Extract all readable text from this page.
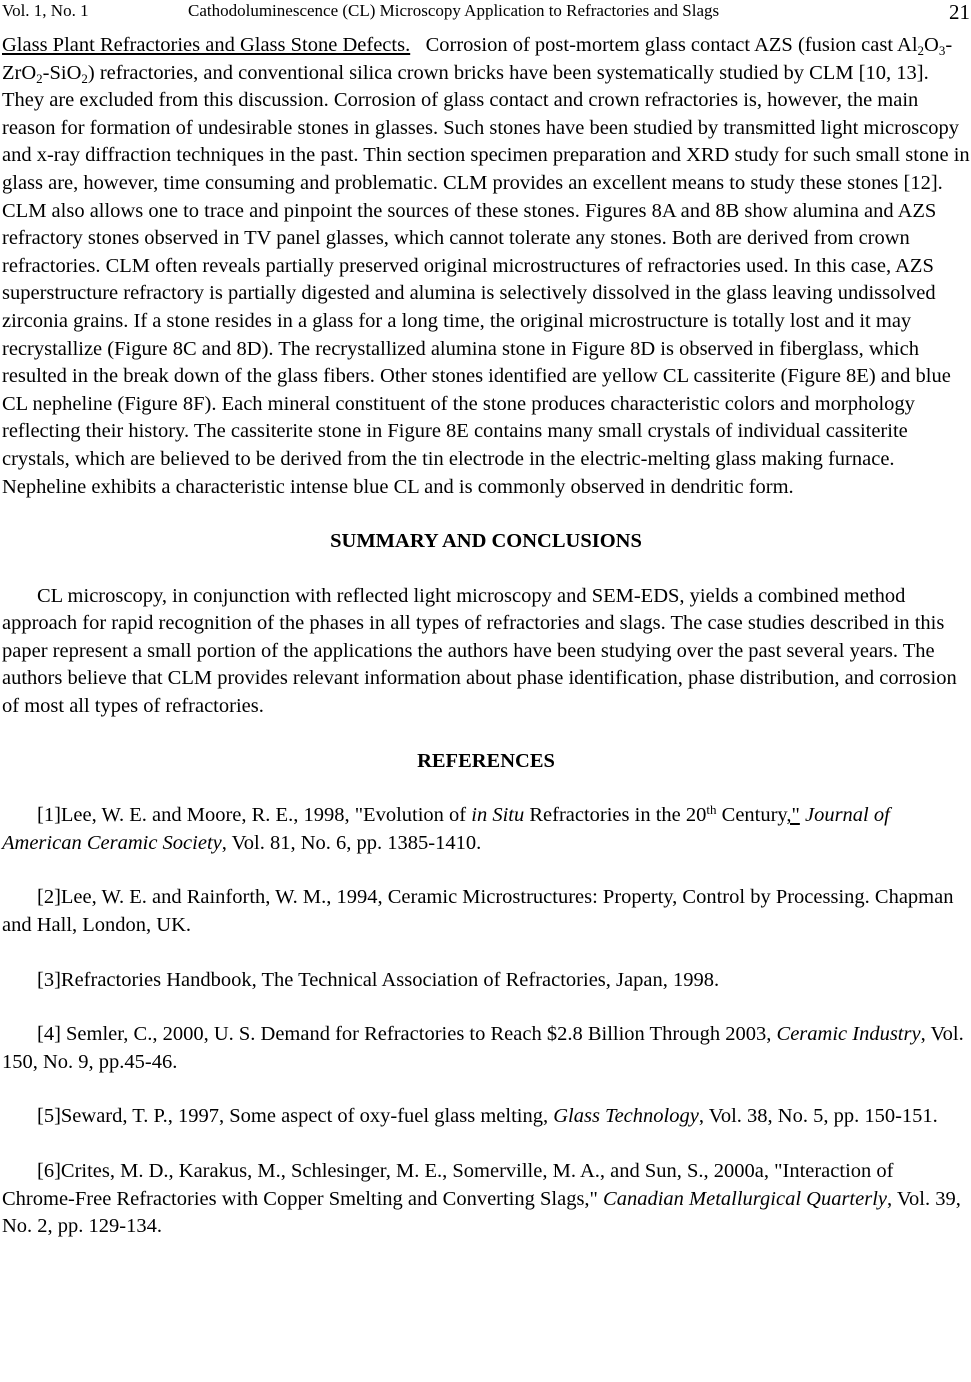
Vol. 1, No. 1	Cathodoluminescence (CL) Microscopy Application to Refractories and Slags	21

Glass Plant Refractories and Glass Stone Defects. Corrosion of post-mortem glass contact AZS (fusion cast $Al_2O_3-ZrO_2-SiO_2$) refractories, and conventional silica crown bricks have been systematically studied by CLM [10, 13]. They are excluded from this discussion. Corrosion of glass contact and crown refractories is, however, the main reason for formation of undesirable stones in glasses. Such stones have been studied by transmitted light microscopy and x-ray diffraction techniques in the past. Thin section specimen preparation and XRD study for such small stone in glass are, however, time consuming and problematic. CLM provides an excellent means to study these stones [12]. CLM also allows one to trace and pinpoint the sources of these stones. Figures 8A and 8B show alumina and AZS refractory stones observed in TV panel glasses, which cannot tolerate any stones. Both are derived from crown refractories. CLM often reveals partially preserved original microstructures of refractories used. In this case, AZS superstructure refractory is partially digested and alumina is selectively dissolved in the glass leaving undissolved zirconia grains. If a stone resides in a glass for a long time, the original microstructure is totally lost and it may recrystallize (Figure 8C and 8D). The recrystallized alumina stone in Figure 8D is observed in fiberglass, which resulted in the break down of the glass fibers. Other stones identified are yellow CL cassiterite (Figure 8E) and blue CL nepheline (Figure 8F). Each mineral constituent of the stone produces characteristic colors and morphology reflecting their history. The cassiterite stone in Figure 8E contains many small crystals of individual cassiterite crystals, which are believed to be derived from the tin electrode in the electric-melting glass making furnace. Nepheline exhibits a characteristic intense blue CL and is commonly observed in dendritic form.

SUMMARY AND CONCLUSIONS

CL microscopy, in conjunction with reflected light microscopy and SEM-EDS, yields a combined method approach for rapid recognition of the phases in all types of refractories and slags. The case studies described in this paper represent a small portion of the applications the authors have been studying over the past several years. The authors believe that CLM provides relevant information about phase identification, phase distribution, and corrosion of most all types of refractories.

REFERENCES

[1]Lee, W. E. and Moore, R. E., 1998, "Evolution of in Situ Refractories in the 20th Century," Journal of American Ceramic Society, Vol. 81, No. 6, pp. 1385-1410.

[2]Lee, W. E. and Rainforth, W. M., 1994, Ceramic Microstructures: Property, Control by Processing. Chapman and Hall, London, UK.

[3]Refractories Handbook, The Technical Association of Refractories, Japan, 1998.

[4] Semler, C., 2000, U. S. Demand for Refractories to Reach $2.8 Billion Through 2003, Ceramic Industry, Vol. 150, No. 9, pp.45-46.

[5]Seward, T. P., 1997, Some aspect of oxy-fuel glass melting, Glass Technology, Vol. 38, No. 5, pp. 150-151.

[6]Crites, M. D., Karakus, M., Schlesinger, M. E., Somerville, M. A., and Sun, S., 2000a, "Interaction of Chrome-Free Refractories with Copper Smelting and Converting Slags," Canadian Metallurgical Quarterly, Vol. 39, No. 2, pp. 129-134.
